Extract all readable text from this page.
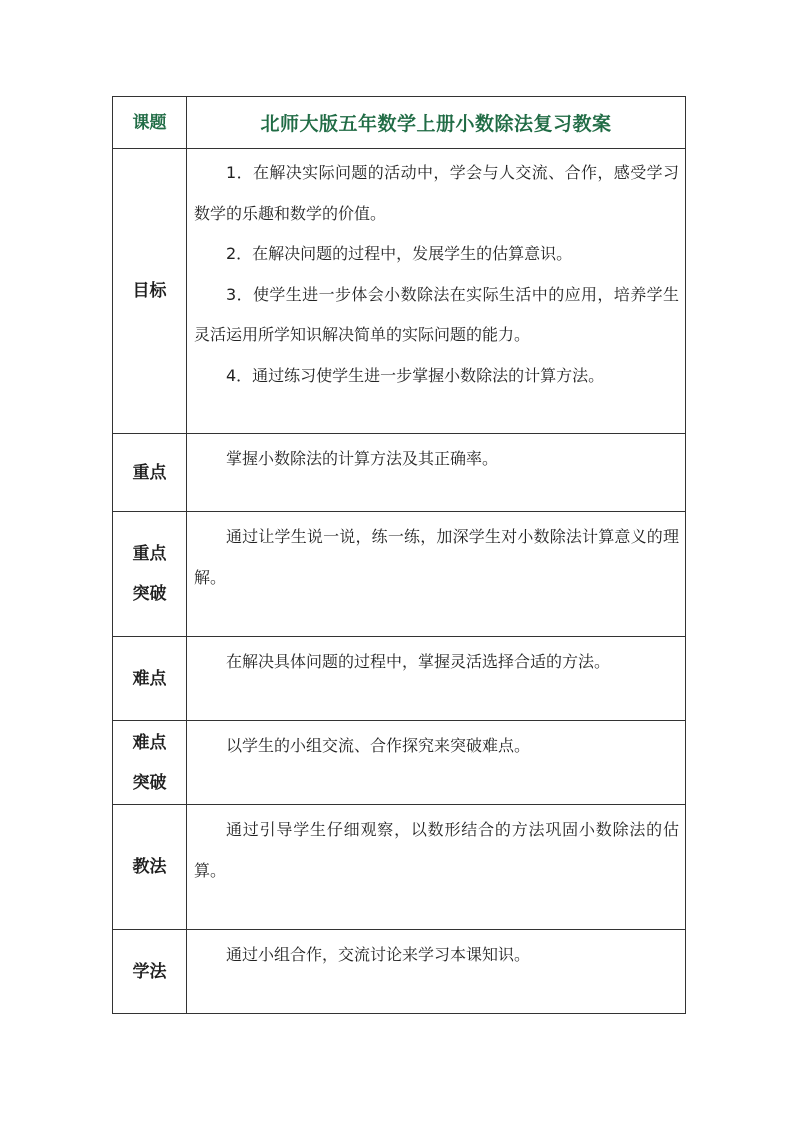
课题	北师大版五年数学上册小数除法复习教案
目标	1．在解决实际问题的活动中，学会与人交流、合作，感受学习数学的乐趣和数学的价值。

2．在解决问题的过程中，发展学生的估算意识。

3．使学生进一步体会小数除法在实际生活中的应用，培养学生灵活运用所学知识解决简单的实际问题的能力。

4．通过练习使学生进一步掌握小数除法的计算方法。

重点	掌握小数除法的计算方法及其正确率。

重点
突破	通过让学生说一说，练一练，加深学生对小数除法计算意义的理解。

难点	在解决具体问题的过程中，掌握灵活选择合适的方法。

难点
突破	以学生的小组交流、合作探究来突破难点。

教法	通过引导学生仔细观察，以数形结合的方法巩固小数除法的估算。

学法	通过小组合作，交流讨论来学习本课知识。
